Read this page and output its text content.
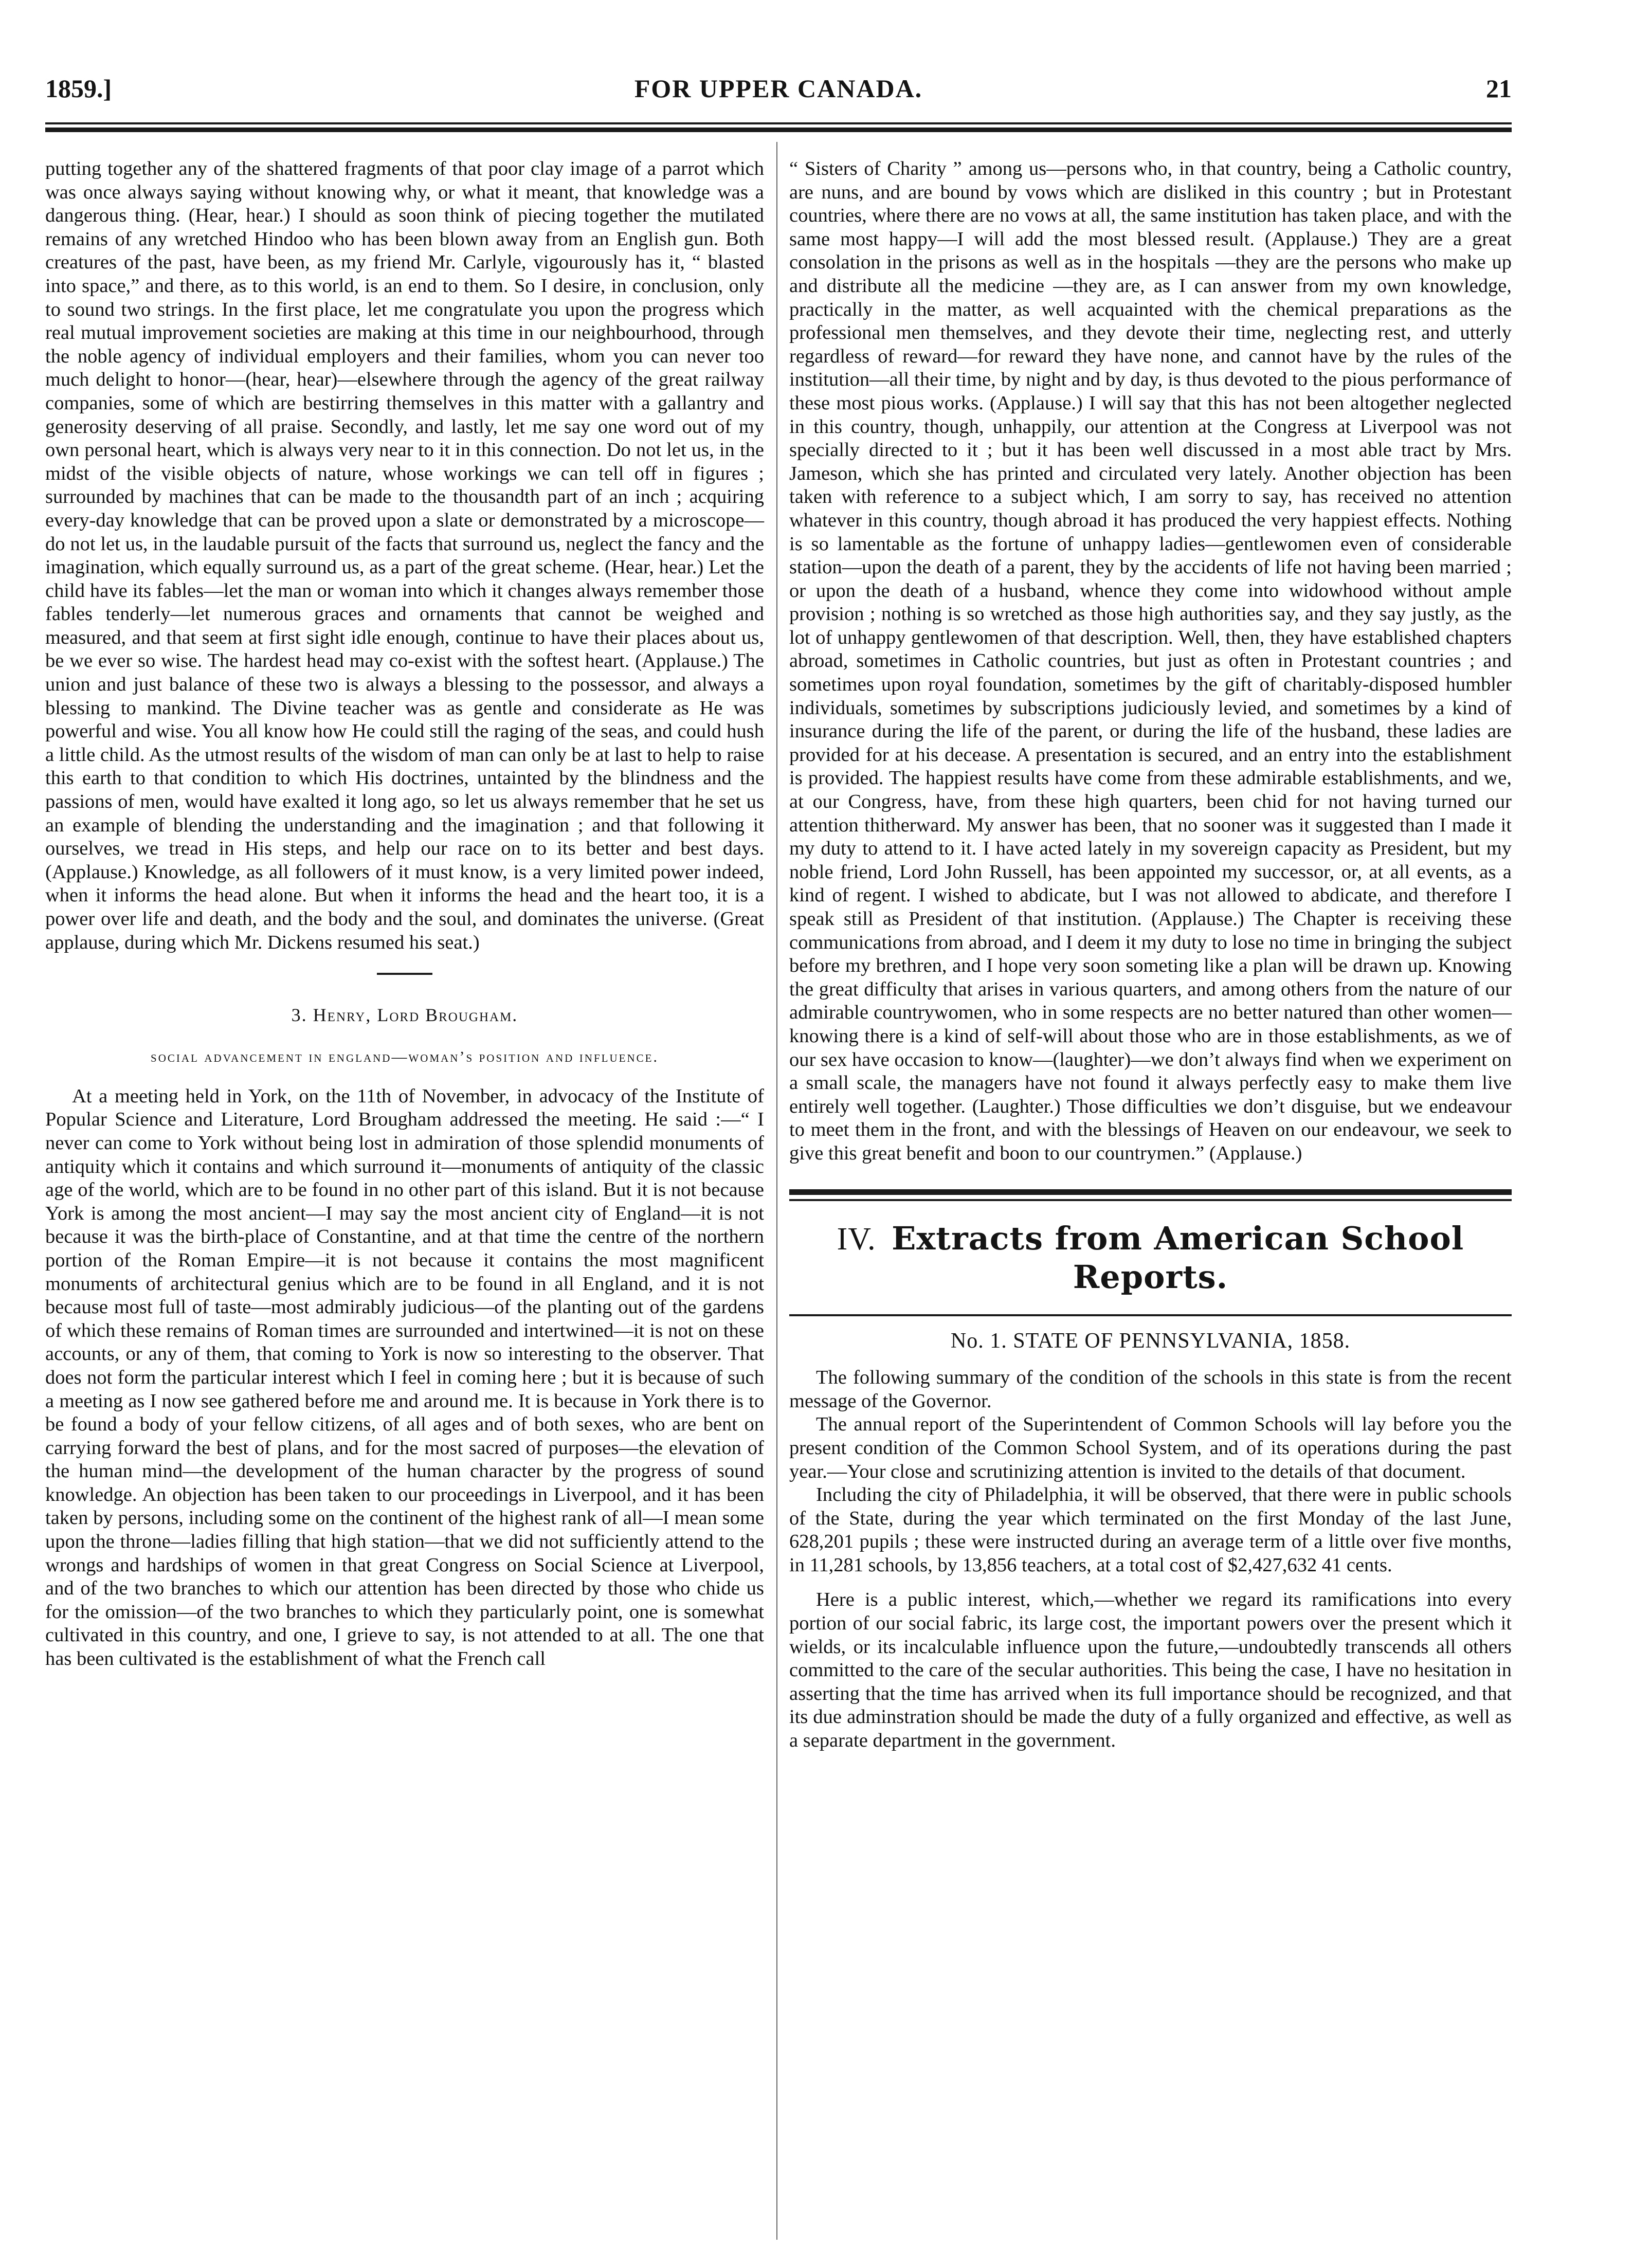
1859.]	FOR UPPER CANADA.	21

putting together any of the shattered fragments of that poor clay image of a parrot which was once always saying without knowing why, or what it meant, that knowledge was a dangerous thing. (Hear, hear.) I should as soon think of piecing together the mutilated remains of any wretched Hindoo who has been blown away from an English gun. Both creatures of the past, have been, as my friend Mr. Carlyle, vigourously has it, “ blasted into space,” and there, as to this world, is an end to them. So I desire, in conclusion, only to sound two strings. In the first place, let me congratulate you upon the progress which real mutual improvement societies are making at this time in our neighbourhood, through the noble agency of individual employers and their families, whom you can never too much delight to honor—(hear, hear)—elsewhere through the agency of the great railway companies, some of which are bestirring themselves in this matter with a gallantry and generosity deserving of all praise. Secondly, and lastly, let me say one word out of my own personal heart, which is always very near to it in this connection. Do not let us, in the midst of the visible objects of nature, whose workings we can tell off in figures ; surrounded by machines that can be made to the thousandth part of an inch ; acquiring every-day knowledge that can be proved upon a slate or demonstrated by a microscope—do not let us, in the laudable pursuit of the facts that surround us, neglect the fancy and the imagination, which equally surround us, as a part of the great scheme. (Hear, hear.) Let the child have its fables—let the man or woman into which it changes always remember those fables tenderly—let numerous graces and ornaments that cannot be weighed and measured, and that seem at first sight idle enough, continue to have their places about us, be we ever so wise. The hardest head may co-exist with the softest heart. (Applause.) The union and just balance of these two is always a blessing to the possessor, and always a blessing to mankind. The Divine teacher was as gentle and considerate as He was powerful and wise. You all know how He could still the raging of the seas, and could hush a little child. As the utmost results of the wisdom of man can only be at last to help to raise this earth to that condition to which His doctrines, untainted by the blindness and the passions of men, would have exalted it long ago, so let us always remember that he set us an example of blending the understanding and the imagination ; and that following it ourselves, we tread in His steps, and help our race on to its better and best days. (Applause.) Knowledge, as all followers of it must know, is a very limited power indeed, when it informs the head alone. But when it informs the head and the heart too, it is a power over life and death, and the body and the soul, and dominates the universe. (Great applause, during which Mr. Dickens resumed his seat.)

3. Henry, Lord Brougham.

social advancement in england—woman’s position and influence.

At a meeting held in York, on the 11th of November, in advocacy of the Institute of Popular Science and Literature, Lord Brougham addressed the meeting. He said :—“ I never can come to York without being lost in admiration of those splendid monuments of antiquity which it contains and which surround it—monuments of antiquity of the classic age of the world, which are to be found in no other part of this island. But it is not because York is among the most ancient—I may say the most ancient city of England—it is not because it was the birth-place of Constantine, and at that time the centre of the northern portion of the Roman Empire—it is not because it contains the most magnificent monuments of architectural genius which are to be found in all England, and it is not because most full of taste—most admirably judicious—of the planting out of the gardens of which these remains of Roman times are surrounded and intertwined—it is not on these accounts, or any of them, that coming to York is now so interesting to the observer. That does not form the particular interest which I feel in coming here ; but it is because of such a meeting as I now see gathered before me and around me. It is because in York there is to be found a body of your fellow citizens, of all ages and of both sexes, who are bent on carrying forward the best of plans, and for the most sacred of purposes—the elevation of the human mind—the development of the human character by the progress of sound knowledge. An objection has been taken to our proceedings in Liverpool, and it has been taken by persons, including some on the continent of the highest rank of all—I mean some upon the throne—ladies filling that high station—that we did not sufficiently attend to the wrongs and hardships of women in that great Congress on Social Science at Liverpool, and of the two branches to which our attention has been directed by those who chide us for the omission—of the two branches to which they particularly point, one is somewhat cultivated in this country, and one, I grieve to say, is not attended to at all. The one that has been cultivated is the establishment of what the French call

“ Sisters of Charity ” among us—persons who, in that country, being a Catholic country, are nuns, and are bound by vows which are disliked in this country ; but in Protestant countries, where there are no vows at all, the same institution has taken place, and with the same most happy—I will add the most blessed result. (Applause.) They are a great consolation in the prisons as well as in the hospitals —they are the persons who make up and distribute all the medicine —they are, as I can answer from my own knowledge, practically in the matter, as well acquainted with the chemical preparations as the professional men themselves, and they devote their time, neglecting rest, and utterly regardless of reward—for reward they have none, and cannot have by the rules of the institution—all their time, by night and by day, is thus devoted to the pious performance of these most pious works. (Applause.) I will say that this has not been altogether neglected in this country, though, unhappily, our attention at the Congress at Liverpool was not specially directed to it ; but it has been well discussed in a most able tract by Mrs. Jameson, which she has printed and circulated very lately. Another objection has been taken with reference to a subject which, I am sorry to say, has received no attention whatever in this country, though abroad it has produced the very happiest effects. Nothing is so lamentable as the fortune of unhappy ladies—gentlewomen even of considerable station—upon the death of a parent, they by the accidents of life not having been married ; or upon the death of a husband, whence they come into widowhood without ample provision ; nothing is so wretched as those high authorities say, and they say justly, as the lot of unhappy gentlewomen of that description. Well, then, they have established chapters abroad, sometimes in Catholic countries, but just as often in Protestant countries ; and sometimes upon royal foundation, sometimes by the gift of charitably-disposed humbler individuals, sometimes by subscriptions judiciously levied, and sometimes by a kind of insurance during the life of the parent, or during the life of the husband, these ladies are provided for at his decease. A presentation is secured, and an entry into the establishment is provided. The happiest results have come from these admirable establishments, and we, at our Congress, have, from these high quarters, been chid for not having turned our attention thitherward. My answer has been, that no sooner was it suggested than I made it my duty to attend to it. I have acted lately in my sovereign capacity as President, but my noble friend, Lord John Russell, has been appointed my successor, or, at all events, as a kind of regent. I wished to abdicate, but I was not allowed to abdicate, and therefore I speak still as President of that institution. (Applause.) The Chapter is receiving these communications from abroad, and I deem it my duty to lose no time in bringing the subject before my brethren, and I hope very soon someting like a plan will be drawn up. Knowing the great difficulty that arises in various quarters, and among others from the nature of our admirable countrywomen, who in some respects are no better natured than other women—knowing there is a kind of self-will about those who are in those establishments, as we of our sex have occasion to know—(laughter)—we don’t always find when we experiment on a small scale, the managers have not found it always perfectly easy to make them live entirely well together. (Laughter.) Those difficulties we don’t disguise, but we endeavour to meet them in the front, and with the blessings of Heaven on our endeavour, we seek to give this great benefit and boon to our countrymen.” (Applause.)

IV. Extracts from American School Reports.

No. 1. STATE OF PENNSYLVANIA, 1858.

The following summary of the condition of the schools in this state is from the recent message of the Governor.

The annual report of the Superintendent of Common Schools will lay before you the present condition of the Common School System, and of its operations during the past year.—Your close and scrutinizing attention is invited to the details of that document.

Including the city of Philadelphia, it will be observed, that there were in public schools of the State, during the year which terminated on the first Monday of the last June, 628,201 pupils ; these were instructed during an average term of a little over five months, in 11,281 schools, by 13,856 teachers, at a total cost of $2,427,632 41 cents.

Here is a public interest, which,—whether we regard its ramifications into every portion of our social fabric, its large cost, the important powers over the present which it wields, or its incalculable influence upon the future,—undoubtedly transcends all others committed to the care of the secular authorities. This being the case, I have no hesitation in asserting that the time has arrived when its full importance should be recognized, and that its due adminstration should be made the duty of a fully organized and effective, as well as a separate department in the government.
